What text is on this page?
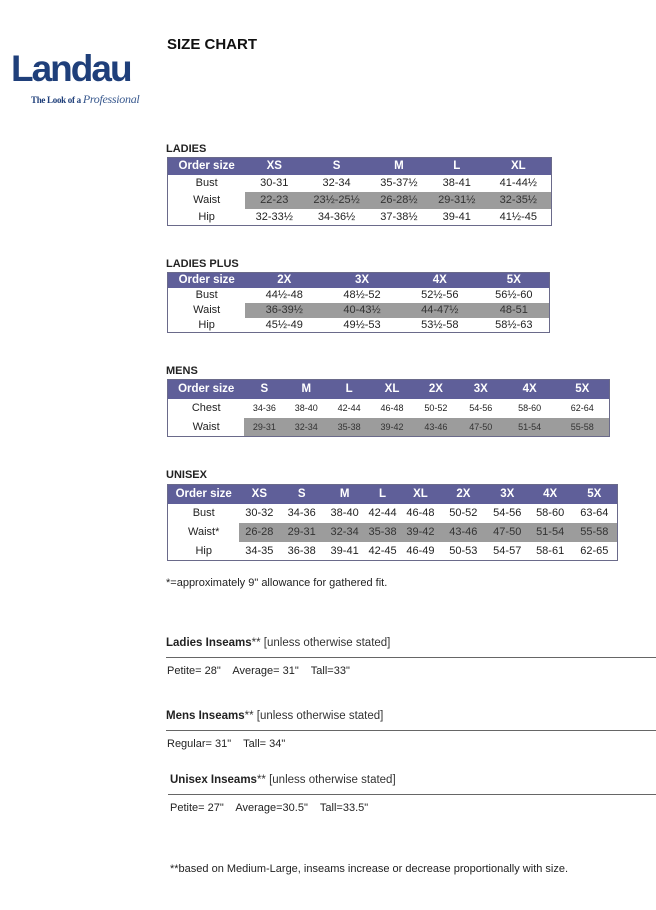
Landau
The Look of a Professional
SIZE CHART
LADIES
Order size	XS	S	M	L	XL
Bust	30-31	32-34	35-37½	38-41	41-44½
Waist	22-23	23½-25½	26-28½	29-31½	32-35½
Hip	32-33½	34-36½	37-38½	39-41	41½-45
LADIES PLUS
Order size	2X	3X	4X	5X
Bust	44½-48	48½-52	52½-56	56½-60
Waist	36-39½	40-43½	44-47½	48-51
Hip	45½-49	49½-53	53½-58	58½-63
MENS
Order size	S	M	L	XL	2X	3X	4X	5X
Chest	34-36	38-40	42-44	46-48	50-52	54-56	58-60	62-64
Waist	29-31	32-34	35-38	39-42	43-46	47-50	51-54	55-58
UNISEX
Order size	XS	S	M	L	XL	2X	3X	4X	5X
Bust	30-32	34-36	38-40	42-44	46-48	50-52	54-56	58-60	63-64
Waist*	26-28	29-31	32-34	35-38	39-42	43-46	47-50	51-54	55-58
Hip	34-35	36-38	39-41	42-45	46-49	50-53	54-57	58-61	62-65
*=approximately 9" allowance for gathered fit.
Ladies Inseams** [unless otherwise stated]
Petite= 28"    Average= 31"    Tall=33"
Mens Inseams** [unless otherwise stated]
Regular= 31"    Tall= 34"
Unisex Inseams** [unless otherwise stated]
Petite= 27"    Average=30.5"    Tall=33.5"
**based on Medium-Large, inseams increase or decrease proportionally with size.
